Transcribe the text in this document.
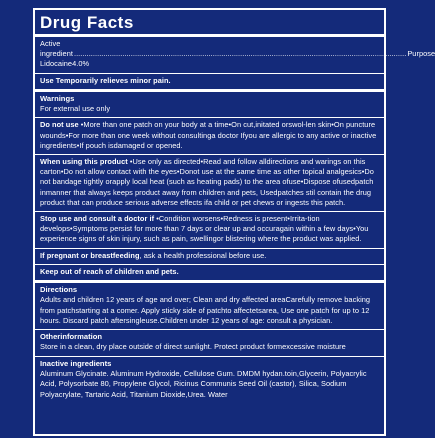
Drug Facts
Active ingredient .............................................................................................................................................................. Purpose
Lidocaine4.0%
Use Temporarily relieves minor pain.
Warnings
For external use only
Do not use •More than one patch on your body at a time•On cut,initated orswol-len skin•On puncture wounds•For more than one week without consultinga doctor Ifyou are allergic to any active or inactive ingredients•If pouch isdamaged or opened.
When using this product •Use only as directed•Read and follow alldirections and warings on this carton•Do not allow contact with the eyes•Donot use at the same time as other topical analgesics•Do not bandage tightly orapply local heat (such as heating pads) to the area ofuse•Dispose ofusedpatch inmanner that always keeps product away from children and pets, Usedpatches stil contain the drug product that can produce serious adverse effects ifa child or pet chews or ingests this patch.
Stop use and consult a doctor if •Condition worsens•Redness is present•Irrita-tion develops•Symptoms persist for more than 7 days or clear up and occuragain within a few days•You experience signs of skin injury, such as pain, swellingor blistering where the product was applied.
If pregnant or breastfeeding, ask a health professional before use.
Keep out of reach of children and pets.
Directions
Adults and children 12 years of age and over; Clean and dry affected areaCarefully remove backing from patchstarting at a comer. Apply sticky side of patchto affectetsarea, Use one patch for up to 12 hours. Discard patch aftersingleuse.Children under 12 years of age: consult a physician.
Otherinformation
Store in a clean, dry place outside of direct sunlight. Protect product formexcessive moisture
Inactive ingredients
Aluminum Glycinate. Aluminum Hydroxide, Cellulose Gum. DMDM hydan.toin,Glycerin, Polyacrylic Acid, Polysorbate 80, Propylene Glycol, Ricinus Communis Seed Oil (castor), Silica, Sodium Polyacrylate, Tartaric Acid, Titanium Dioxide,Urea. Water
